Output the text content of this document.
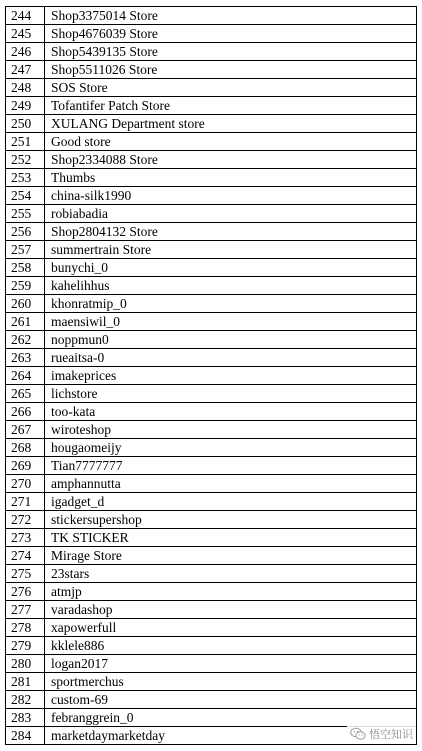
244	Shop3375014 Store
245	Shop4676039 Store
246	Shop5439135 Store
247	Shop5511026 Store
248	SOS Store
249	Tofantifer Patch Store
250	XULANG Department store
251	Good store
252	Shop2334088 Store
253	Thumbs
254	china-silk1990
255	robiabadia
256	Shop2804132 Store
257	summertrain Store
258	bunychi_0
259	kahelihhus
260	khonratmip_0
261	maensiwil_0
262	noppmun0
263	rueaitsa-0
264	imakeprices
265	lichstore
266	too-kata
267	wiroteshop
268	hougaomeijy
269	Tian7777777
270	amphannutta
271	igadget_d
272	stickersupershop
273	TK STICKER
274	Mirage Store
275	23stars
276	atmjp
277	varadashop
278	xapowerfull
279	kklele886
280	logan2017
281	sportmerchus
282	custom-69
283	febranggrein_0
284	marketdaymarketday	悟空知识
